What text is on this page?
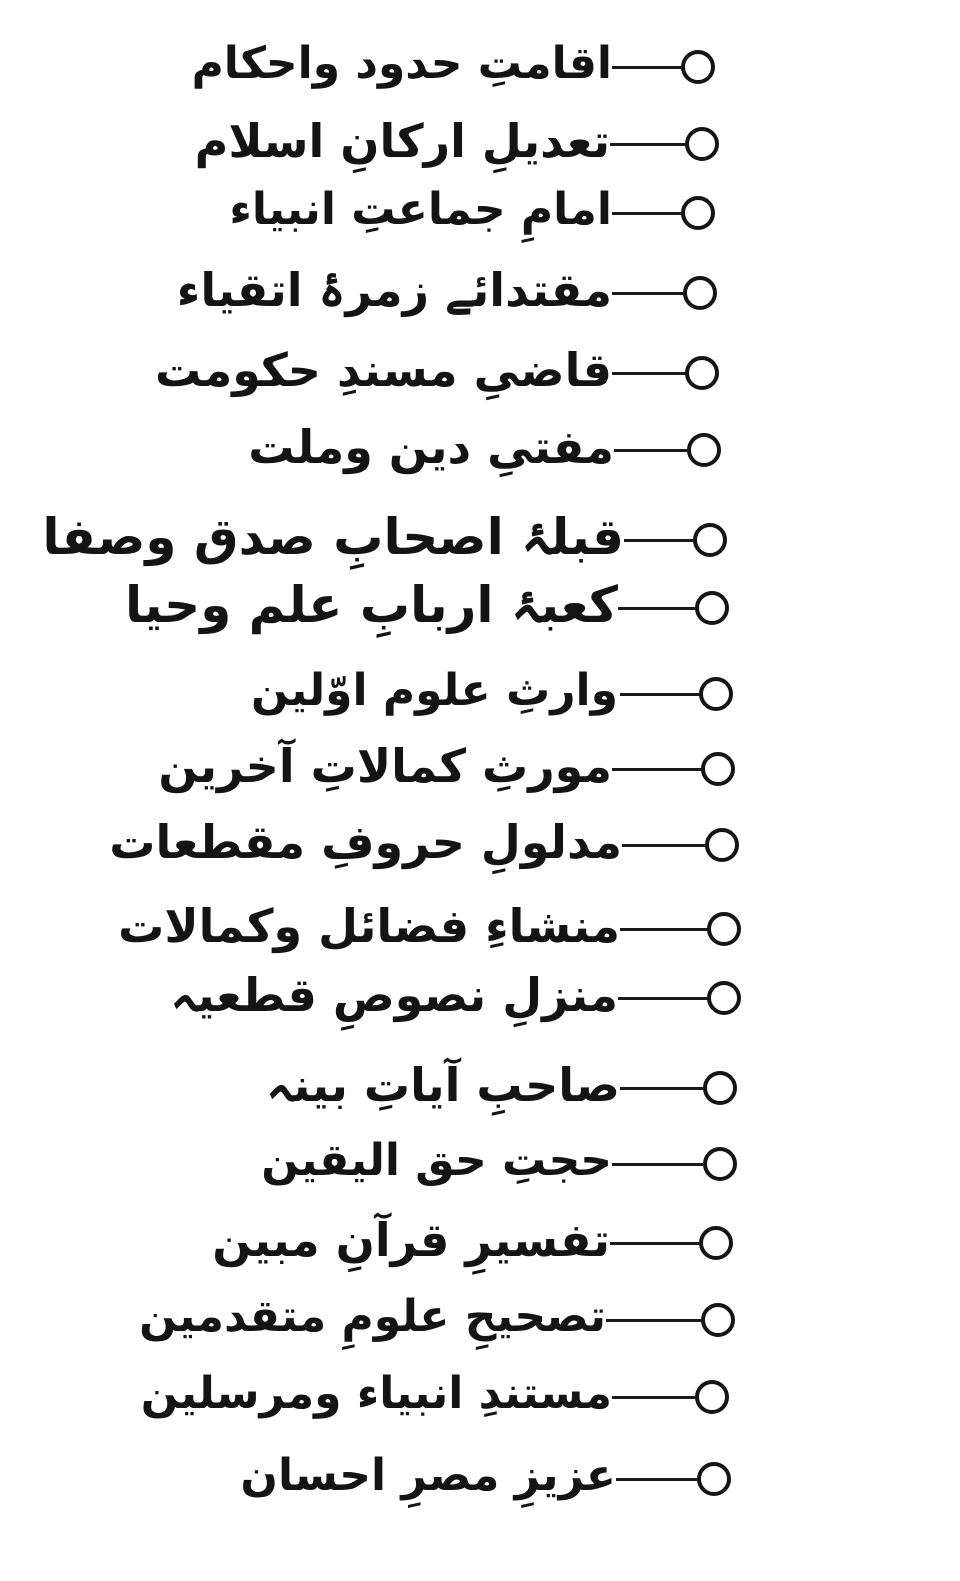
اقامتِ حدود واحکام
تعدیلِ ارکانِ اسلام
امامِ جماعتِ انبیاء
مقتدائے زمرۂ اتقیاء
قاضیِ مسندِ حکومت
مفتیِ دین وملت
قبلۂ اصحابِ صدق وصفا
کعبۂ اربابِ علم وحیا
وارثِ علوم اوّلین
مورثِ کمالاتِ آخرین
مدلولِ حروفِ مقطعات
منشاءِ فضائل وکمالات
منزلِ نصوصِ قطعیہ
صاحبِ آیاتِ بینہ
حجتِ حق الیقین
تفسیرِ قرآنِ مبین
تصحیحِ علومِ متقدمین
مستندِ انبیاء ومرسلین
عزیزِ مصرِ احسان
